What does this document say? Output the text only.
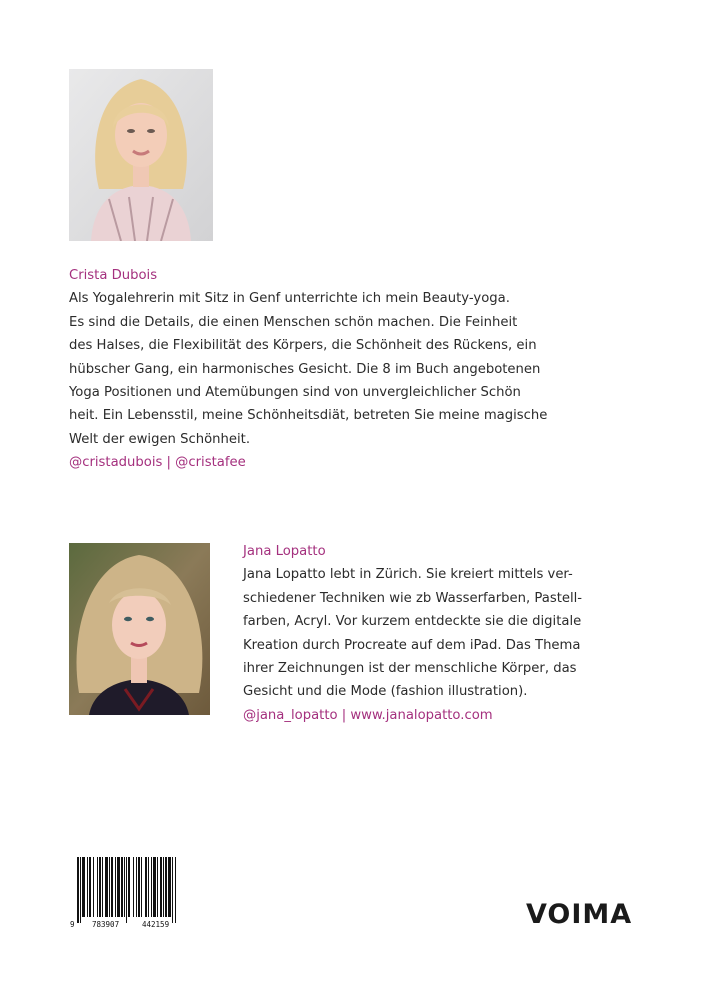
Crista Dubois
Als Yogalehrerin mit Sitz in Genf unterrichte ich mein Beauty-yoga.
Es sind die Details, die einen Menschen schön machen. Die Feinheit
des Halses, die Flexibilität des Körpers, die Schönheit des Rückens, ein
hübscher Gang, ein harmonisches Gesicht. Die 8 im Buch angebotenen
Yoga Positionen und Atemübungen sind von unvergleichlicher Schön
heit. Ein Lebensstil, meine Schönheitsdiät, betreten Sie meine magische
Welt der ewigen Schönheit.
@cristadubois | @cristafee
Jana Lopatto
Jana Lopatto lebt in Zürich. Sie kreiert mittels ver-
schiedener Techniken wie zb Wasserfarben, Pastell-
farben, Acryl. Vor kurzem entdeckte sie die digitale
Kreation durch Procreate auf dem iPad. Das Thema
ihrer Zeichnungen ist der menschliche Körper, das
Gesicht und die Mode (fashion illustration).
@jana_lopatto | www.janalopatto.com
9 783907	442159	VOIMA
